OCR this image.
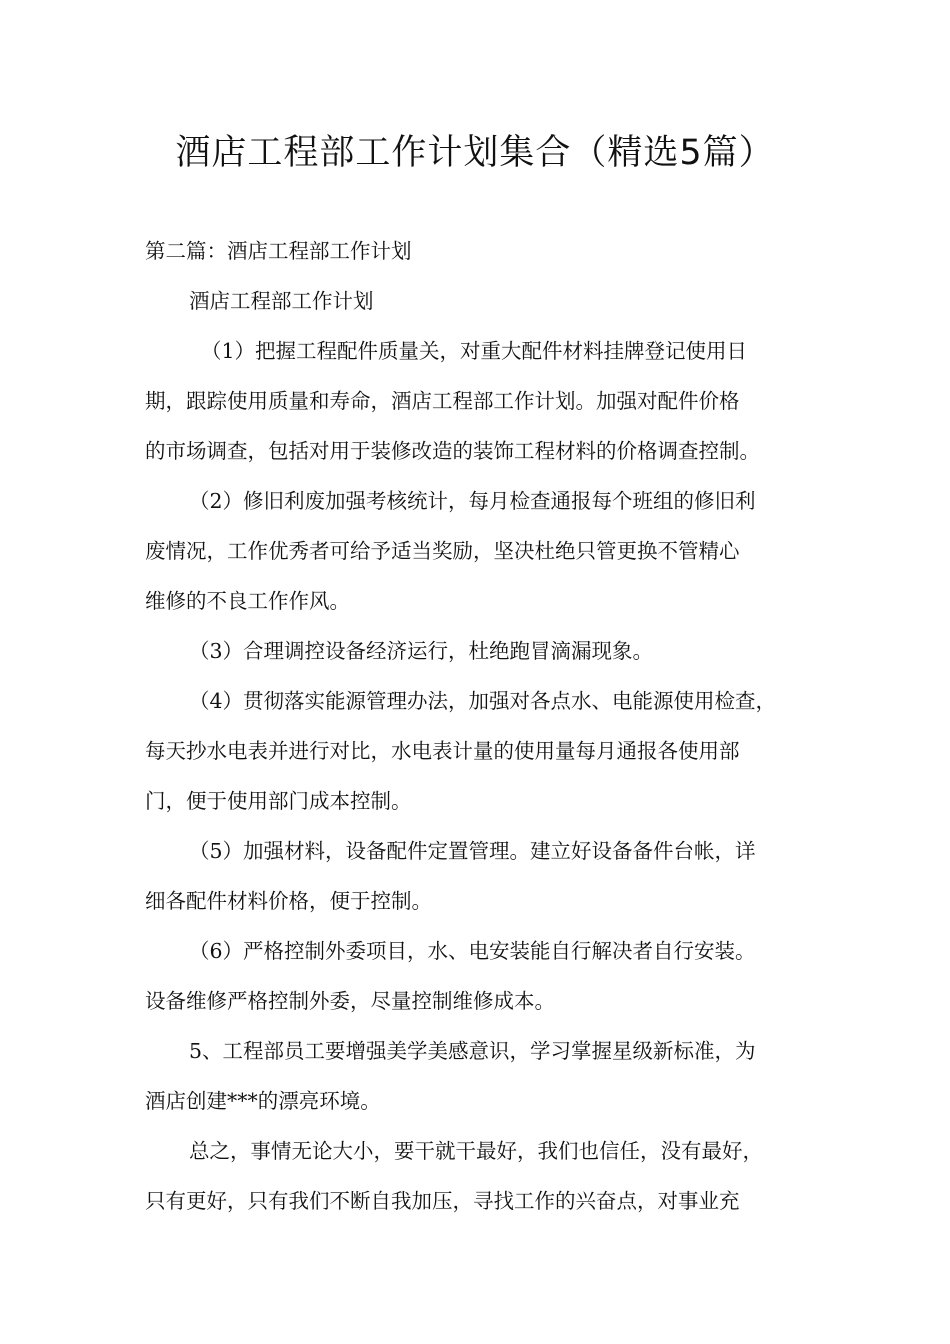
酒店工程部工作计划集合（精选5篇）
第二篇：酒店工程部工作计划
酒店工程部工作计划
（1）把握工程配件质量关，对重大配件材料挂牌登记使用日
期，跟踪使用质量和寿命，酒店工程部工作计划。加强对配件价格
的市场调查，包括对用于装修改造的装饰工程材料的价格调查控制。
（2）修旧利废加强考核统计，每月检查通报每个班组的修旧利
废情况，工作优秀者可给予适当奖励，坚决杜绝只管更换不管精心
维修的不良工作作风。
（3）合理调控设备经济运行，杜绝跑冒滴漏现象。
（4）贯彻落实能源管理办法，加强对各点水、电能源使用检查，
每天抄水电表并进行对比，水电表计量的使用量每月通报各使用部
门，便于使用部门成本控制。
（5）加强材料，设备配件定置管理。建立好设备备件台帐，详
细各配件材料价格，便于控制。
（6）严格控制外委项目，水、电安装能自行解决者自行安装。
设备维修严格控制外委，尽量控制维修成本。
5、工程部员工要增强美学美感意识，学习掌握星级新标准，为
酒店创建***的漂亮环境。
总之，事情无论大小，要干就干最好，我们也信任，没有最好，
只有更好，只有我们不断自我加压，寻找工作的兴奋点，对事业充
